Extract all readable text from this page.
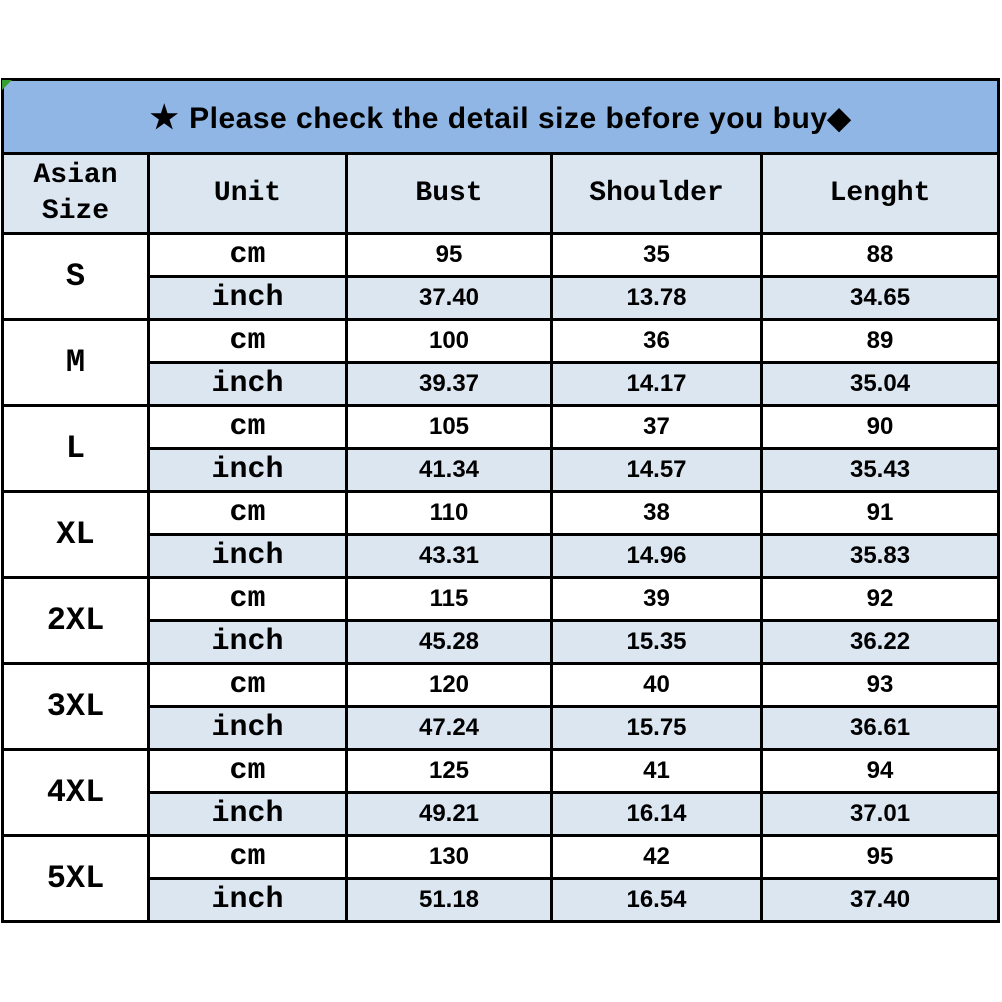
★ Please check the detail size before you buy◆				
Asian
Size	Unit	Bust	Shoulder	Lenght
S	cm	95	35	88
	inch	37.40	13.78	34.65
M	cm	100	36	89
	inch	39.37	14.17	35.04
L	cm	105	37	90
	inch	41.34	14.57	35.43
XL	cm	110	38	91
	inch	43.31	14.96	35.83
2XL	cm	115	39	92
	inch	45.28	15.35	36.22
3XL	cm	120	40	93
	inch	47.24	15.75	36.61
4XL	cm	125	41	94
	inch	49.21	16.14	37.01
5XL	cm	130	42	95
	inch	51.18	16.54	37.40
